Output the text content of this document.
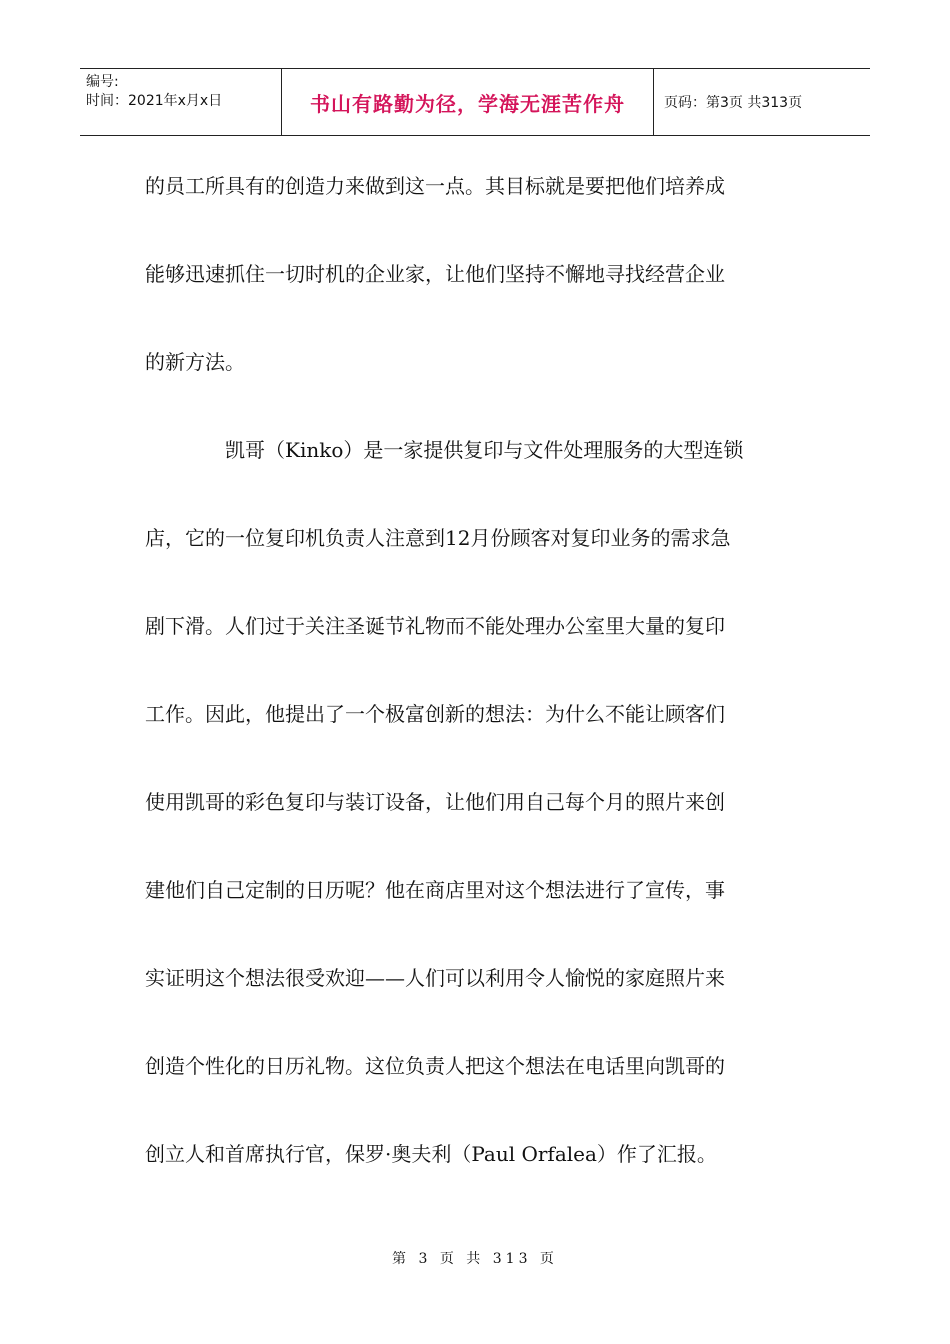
编号:
时间：2021年x月x日	书山有路勤为径，学海无涯苦作舟	页码：第3页 共313页
的员工所具有的创造力来做到这一点。其目标就是要把他们培养成
能够迅速抓住一切时机的企业家，让他们坚持不懈地寻找经营企业
的新方法。
凯哥（Kinko）是一家提供复印与文件处理服务的大型连锁
店，它的一位复印机负责人注意到12月份顾客对复印业务的需求急
剧下滑。人们过于关注圣诞节礼物而不能处理办公室里大量的复印
工作。因此，他提出了一个极富创新的想法：为什么不能让顾客们
使用凯哥的彩色复印与装订设备，让他们用自己每个月的照片来创
建他们自己定制的日历呢？他在商店里对这个想法进行了宣传，事
实证明这个想法很受欢迎——人们可以利用令人愉悦的家庭照片来
创造个性化的日历礼物。这位负责人把这个想法在电话里向凯哥的
创立人和首席执行官，保罗·奥夫利（Paul Orfalea）作了汇报。
第 3 页 共 313 页
